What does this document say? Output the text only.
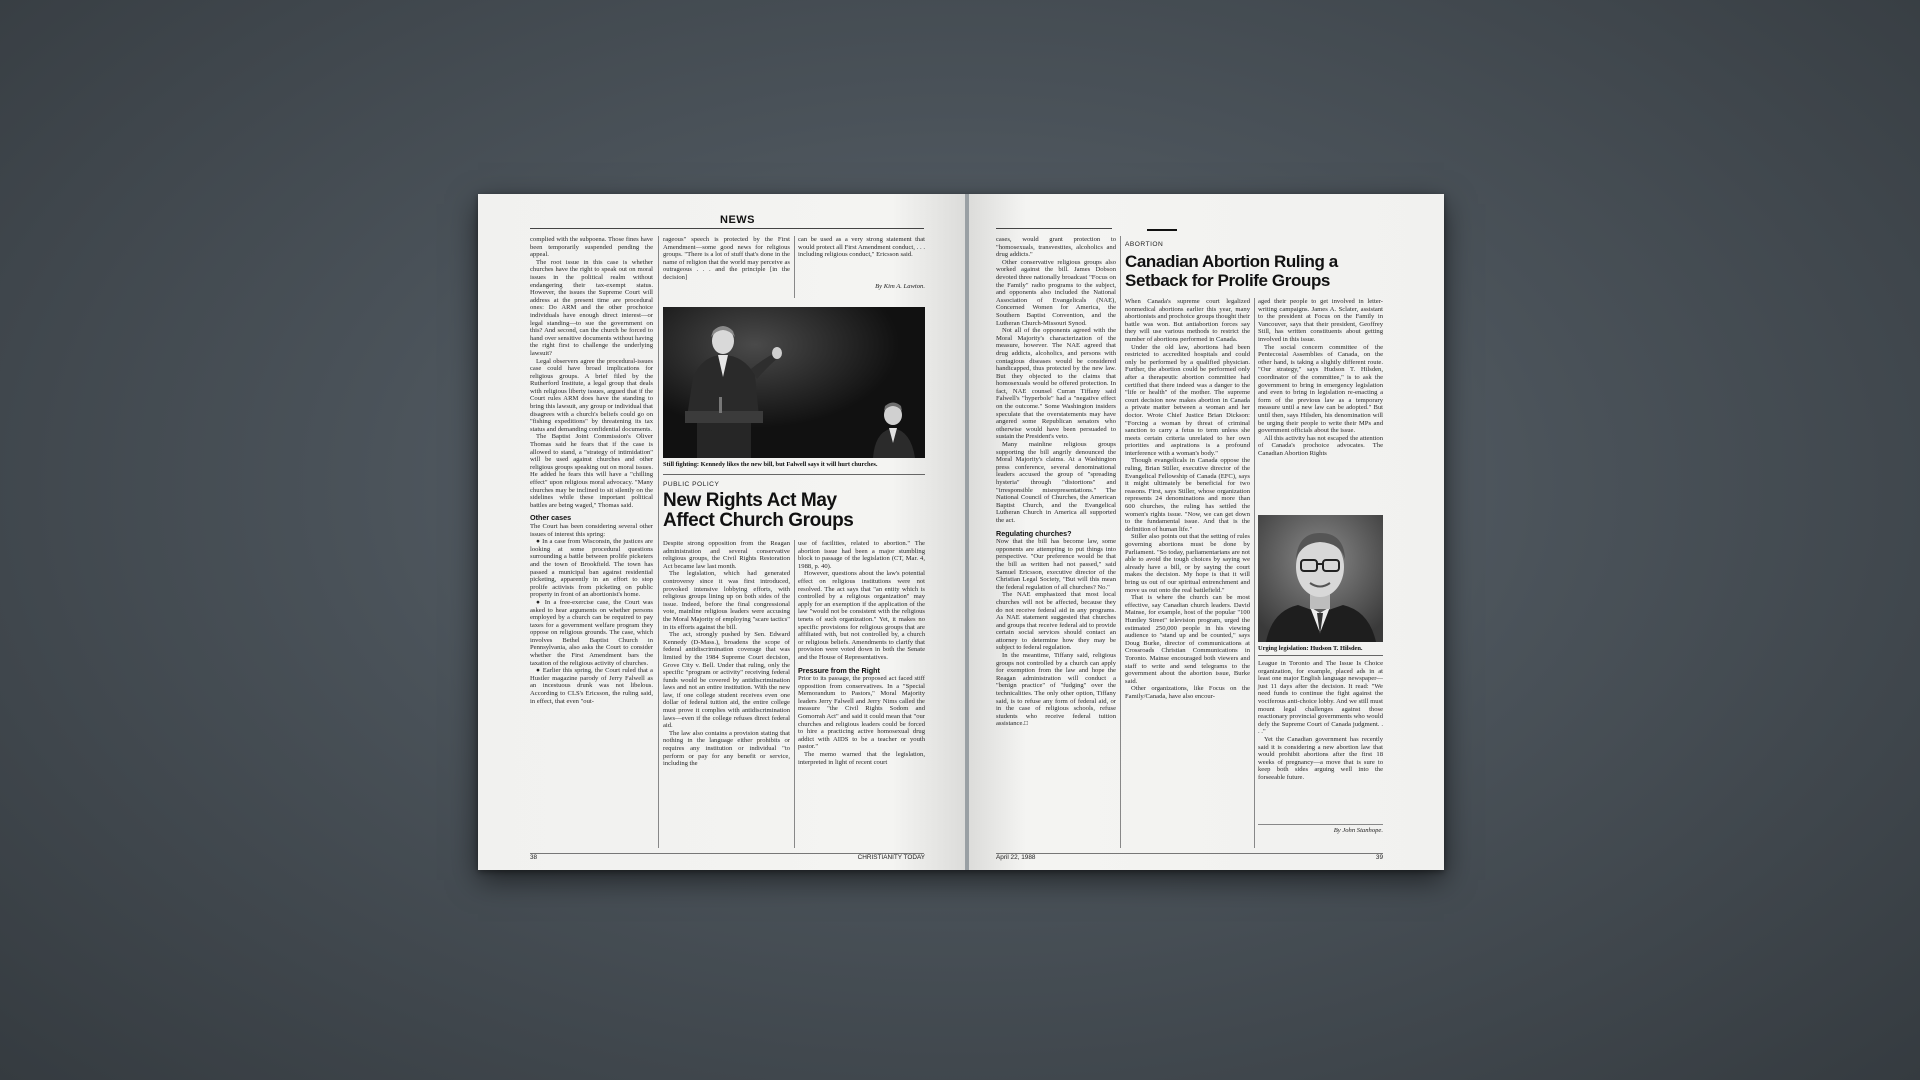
NEWS

complied with the subpoena. Those fines have been temporarily suspended pending the appeal.

The root issue in this case is whether churches have the right to speak out on moral issues in the political realm without endangering their tax-exempt status. However, the issues the Supreme Court will address at the present time are procedural ones: Do ARM and the other prochoice individuals have enough direct interest—or legal standing—to sue the government on this? And second, can the church be forced to hand over sensitive documents without having the right first to challenge the underlying lawsuit?

Legal observers agree the procedural-issues case could have broad implications for religious groups. A brief filed by the Rutherford Institute, a legal group that deals with religious liberty issues, argued that if the Court rules ARM does have the standing to bring this lawsuit, any group or individual that disagrees with a church's beliefs could go on "fishing expeditions" by threatening its tax status and demanding confidential documents.

The Baptist Joint Commission's Oliver Thomas said he fears that if the case is allowed to stand, a "strategy of intimidation" will be used against churches and other religious groups speaking out on moral issues. He added he fears this will have a "chilling effect" upon religious moral advocacy. "Many churches may be inclined to sit silently on the sidelines while these important political battles are being waged," Thomas said.

Other cases

The Court has been considering several other issues of interest this spring:

● In a case from Wisconsin, the justices are looking at some procedural questions surrounding a battle between prolife picketers and the town of Brookfield. The town has passed a municipal ban against residential picketing, apparently in an effort to stop prolife activists from picketing on public property in front of an abortionist's home.

● In a free-exercise case, the Court was asked to hear arguments on whether persons employed by a church can be required to pay taxes for a government welfare program they oppose on religious grounds. The case, which involves Bethel Baptist Church in Pennsylvania, also asks the Court to consider whether the First Amendment bars the taxation of the religious activity of churches.

● Earlier this spring, the Court ruled that a Hustler magazine parody of Jerry Falwell as an incestuous drunk was not libelous. According to CLS's Ericsson, the ruling said, in effect, that even "out-

rageous" speech is protected by the First Amendment—some good news for religious groups. "There is a lot of stuff that's done in the name of religion that the world may perceive as outrageous . . . and the principle [in the decision]

can be used as a very strong statement that would protect all First Amendment conduct, . . . including religious conduct," Ericsson said.

By Kim A. Lawton.
Still fighting: Kennedy likes the new bill, but Falwell says it will hurt churches.
PUBLIC POLICY
New Rights Act May
Affect Church Groups

Despite strong opposition from the Reagan administration and several conservative religious groups, the Civil Rights Restoration Act became law last month.

The legislation, which had generated controversy since it was first introduced, provoked intensive lobbying efforts, with religious groups lining up on both sides of the issue. Indeed, before the final congressional vote, mainline religious leaders were accusing the Moral Majority of employing "scare tactics" in its efforts against the bill.

The act, strongly pushed by Sen. Edward Kennedy (D-Mass.), broadens the scope of federal antidiscrimination coverage that was limited by the 1984 Supreme Court decision, Grove City v. Bell. Under that ruling, only the specific "program or activity" receiving federal funds would be covered by antidiscrimination laws and not an entire institution. With the new law, if one college student receives even one dollar of federal tuition aid, the entire college must prove it complies with antidiscrimination laws—even if the college refuses direct federal aid.

The law also contains a provision stating that nothing in the language either prohibits or requires any institution or individual "to perform or pay for any benefit or service, including the

use of facilities, related to abortion." The abortion issue had been a major stumbling block to passage of the legislation (CT, Mar. 4, 1988, p. 40).

However, questions about the law's potential effect on religious institutions were not resolved. The act says that "an entity which is controlled by a religious organization" may apply for an exemption if the application of the law "would not be consistent with the religious tenets of such organization." Yet, it makes no specific provisions for religious groups that are affiliated with, but not controlled by, a church or religious beliefs. Amendments to clarify that provision were voted down in both the Senate and the House of Representatives.

Pressure from the Right

Prior to its passage, the proposed act faced stiff opposition from conservatives. In a "Special Memorandum to Pastors," Moral Majority leaders Jerry Falwell and Jerry Nims called the measure "the Civil Rights Sodom and Gomorrah Act" and said it could mean that "our churches and religious leaders could be forced to hire a practicing active homosexual drug addict with AIDS to be a teacher or youth pastor."

The memo warned that the legislation, interpreted in light of recent court

38	CHRISTIANITY TODAY

cases, would grant protection to "homosexuals, transvestites, alcoholics and drug addicts."

Other conservative religious groups also worked against the bill. James Dobson devoted three nationally broadcast "Focus on the Family" radio programs to the subject, and opponents also included the National Association of Evangelicals (NAE), Concerned Women for America, the Southern Baptist Convention, and the Lutheran Church-Missouri Synod.

Not all of the opponents agreed with the Moral Majority's characterization of the measure, however. The NAE agreed that drug addicts, alcoholics, and persons with contagious diseases would be considered handicapped, thus protected by the new law. But they objected to the claims that homosexuals would be offered protection. In fact, NAE counsel Curran Tiffany said Falwell's "hyperbole" had a "negative effect on the outcome." Some Washington insiders speculate that the overstatements may have angered some Republican senators who otherwise would have been persuaded to sustain the President's veto.

Many mainline religious groups supporting the bill angrily denounced the Moral Majority's claims. At a Washington press conference, several denominational leaders accused the group of "spreading hysteria" through "distortions" and "irresponsible misrepresentations." The National Council of Churches, the American Baptist Church, and the Evangelical Lutheran Church in America all supported the act.

Regulating churches?

Now that the bill has become law, some opponents are attempting to put things into perspective. "Our preference would be that the bill as written had not passed," said Samuel Ericsson, executive director of the Christian Legal Society, "But will this mean the federal regulation of all churches? No."

The NAE emphasized that most local churches will not be affected, because they do not receive federal aid in any programs. As NAE statement suggested that churches and groups that receive federal aid to provide certain social services should contact an attorney to determine how they may be subject to federal regulation.

In the meantime, Tiffany said, religious groups not controlled by a church can apply for exemption from the law and hope the Reagan administration will conduct a "benign practice" of "fudging" over the technicalities. The only other option, Tiffany said, is to refuse any form of federal aid, or in the case of religious schools, refuse students who receive federal tuition assistance.□

ABORTION
Canadian Abortion Ruling a
Setback for Prolife Groups

When Canada's supreme court legalized nonmedical abortions earlier this year, many abortionists and prochoice groups thought their battle was won. But antiabortion forces say they will use various methods to restrict the number of abortions performed in Canada.

Under the old law, abortions had been restricted to accredited hospitals and could only be performed by a qualified physician. Further, the abortion could be performed only after a therapeutic abortion committee had certified that there indeed was a danger to the "life or health" of the mother. The supreme court decision now makes abortion in Canada a private matter between a woman and her doctor. Wrote Chief Justice Brian Dickson: "Forcing a woman by threat of criminal sanction to carry a fetus to term unless she meets certain criteria unrelated to her own priorities and aspirations is a profound interference with a woman's body."

Though evangelicals in Canada oppose the ruling, Brian Stiller, executive director of the Evangelical Fellowship of Canada (EFC), says it might ultimately be beneficial for two reasons. First, says Stiller, whose organization represents 24 denominations and more than 600 churches, the ruling has settled the women's rights issue. "Now, we can get down to the fundamental issue. And that is the definition of human life."

Stiller also points out that the setting of rules governing abortions must be done by Parliament. "So today, parliamentarians are not able to avoid the tough choices by saying we already have a bill, or by saying the court makes the decision. My hope is that it will bring us out of our spiritual entrenchment and move us out onto the real battlefield."

That is where the church can be most effective, say Canadian church leaders. David Mainse, for example, host of the popular "100 Huntley Street" television program, urged the estimated 250,000 people in his viewing audience to "stand up and be counted," says Doug Burke, director of communications at Crossroads Christian Communications in Toronto. Mainse encouraged both viewers and staff to write and send telegrams to the government about the abortion issue, Burke said.

Other organizations, like Focus on the Family/Canada, have also encour-

aged their people to get involved in letter-writing campaigns. James A. Sclater, assistant to the president at Focus on the Family in Vancouver, says that their president, Geoffrey Still, has written constituents about getting involved in this issue.

The social concern committee of the Pentecostal Assemblies of Canada, on the other hand, is taking a slightly different route. "Our strategy," says Hudson T. Hilsden, coordinator of the committee," is to ask the government to bring in emergency legislation and even to bring in legislation re-enacting a form of the previous law as a temporary measure until a new law can be adopted." But until then, says Hilsden, his denomination will be urging their people to write their MPs and government officials about the issue.

All this activity has not escaped the attention of Canada's prochoice advocates. The Canadian Abortion Rights

Urging legislation: Hudson T. Hilsden.

League in Toronto and The Issue Is Choice organization, for example, placed ads in at least one major English language newspaper—just 11 days after the decision. It read: "We need funds to continue the fight against the vociferous anti-choice lobby. And we still must mount legal challenges against those reactionary provincial governments who would defy the Supreme Court of Canada judgment. . . ."

Yet the Canadian government has recently said it is considering a new abortion law that would prohibit abortions after the first 18 weeks of pregnancy—a move that is sure to keep both sides arguing well into the forseeable future.

By John Stanhope.
April 22, 1988	39
